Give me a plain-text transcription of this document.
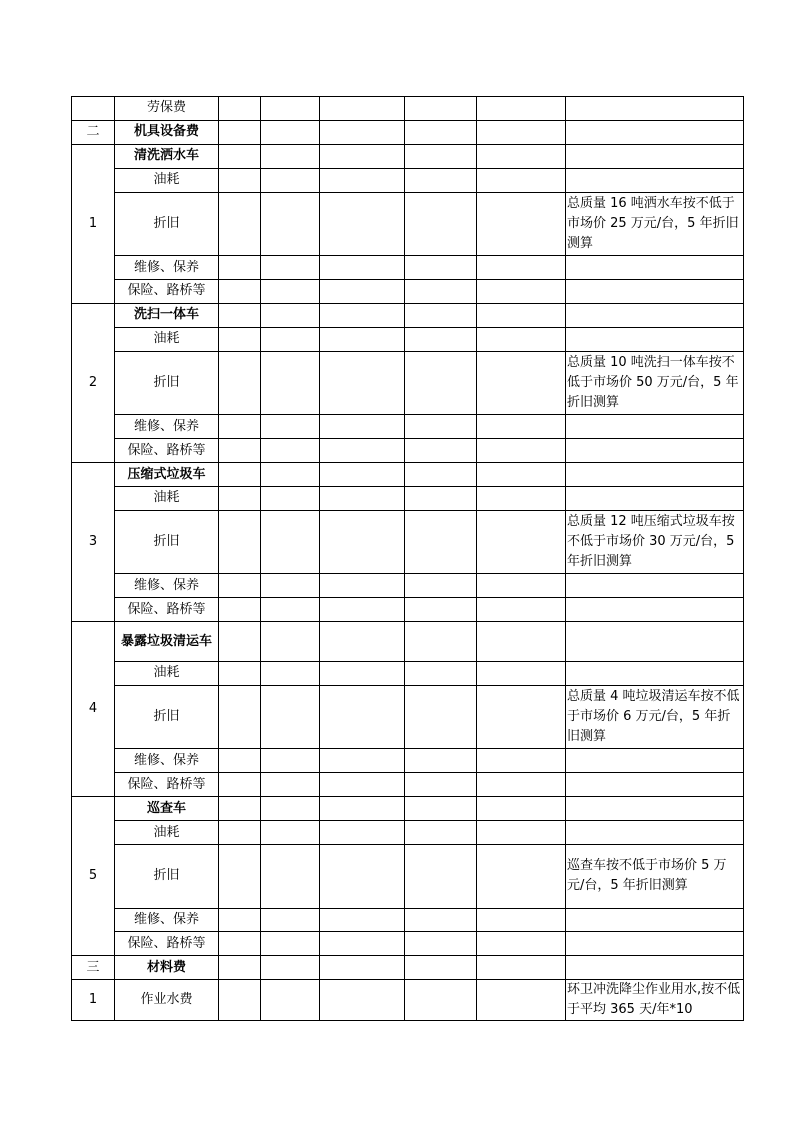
	劳保费						
二	机具设备费						
1	清洗洒水车						
	油耗						
	折旧						总质量 16 吨洒水车按不低于市场价 25 万元/台，5 年折旧测算
	维修、保养						
	保险、路桥等						
2	洗扫一体车						
	油耗						
	折旧						总质量 10 吨洗扫一体车按不低于市场价 50 万元/台，5 年折旧测算
	维修、保养						
	保险、路桥等						
3	压缩式垃圾车						
	油耗						
	折旧						总质量 12 吨压缩式垃圾车按不低于市场价 30 万元/台，5 年折旧测算
	维修、保养						
	保险、路桥等						
4	暴露垃圾清运车						
	油耗						
	折旧						总质量 4 吨垃圾清运车按不低于市场价 6 万元/台，5 年折旧测算
	维修、保养						
	保险、路桥等						
5	巡查车						
	油耗						
	折旧						巡查车按不低于市场价 5 万元/台，5 年折旧测算
	维修、保养						
	保险、路桥等						
三	材料费						
1	作业水费						环卫冲洗降尘作业用水,按不低于平均 365 天/年*10
